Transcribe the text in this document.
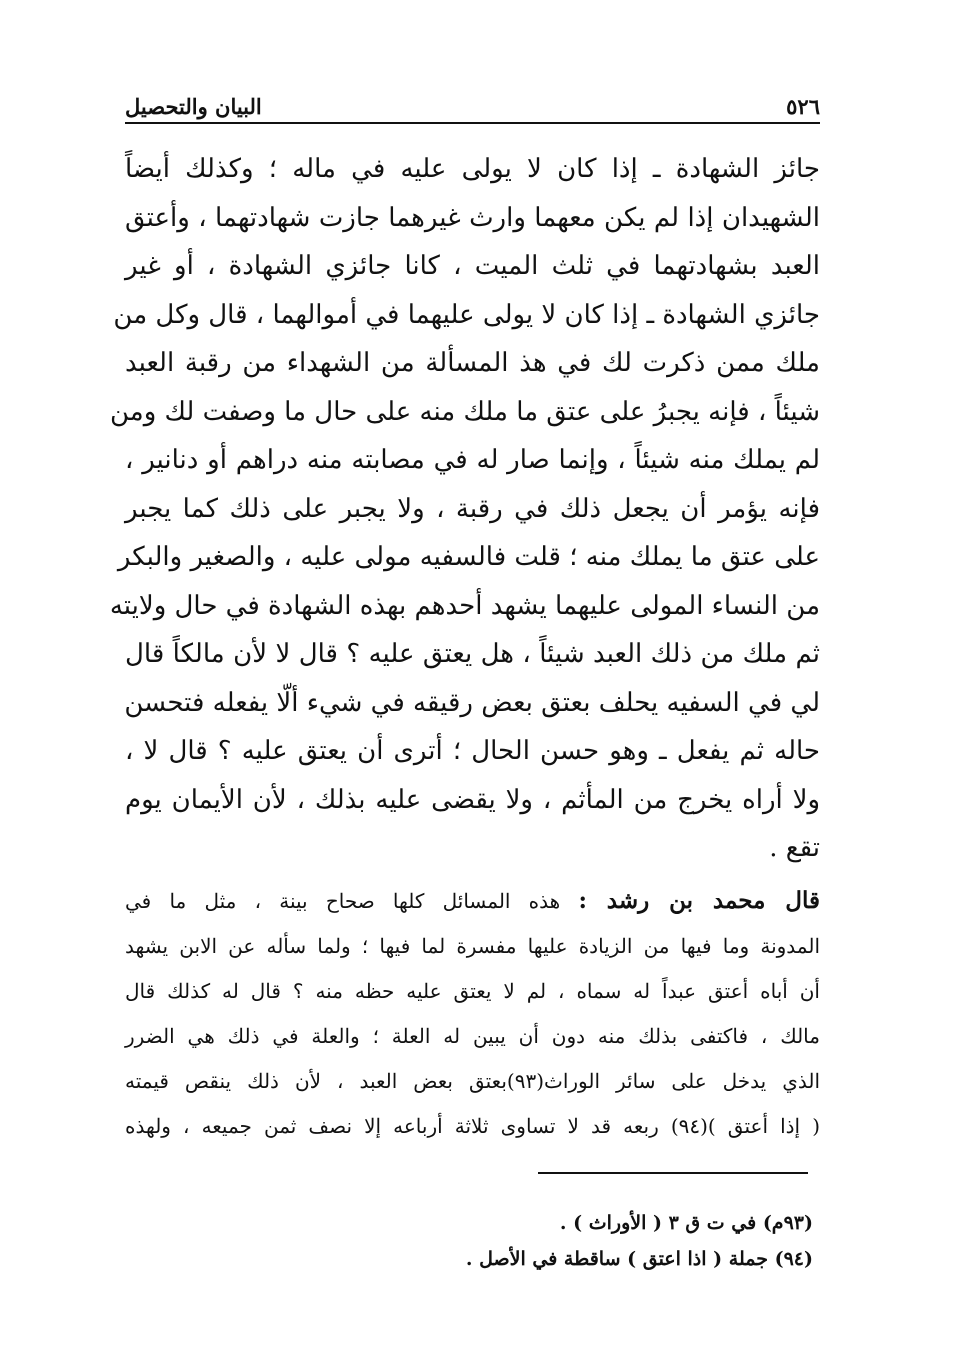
٥٢٦
البيان والتحصيل
جائز الشهادة ـ إذا كان لا يولى عليه في ماله ؛ وكذلك أيضاً
الشهيدان إذا لم يكن معهما وارث غيرهما جازت شهادتهما ، وأعتق
العبد بشهادتهما في ثلث الميت ، كانا جائزي الشهادة ، أو غير
جائزي الشهادة ـ إذا كان لا يولى عليهما في أموالهما ، قال وكل من
ملك ممن ذكرت لك في هذ المسألة من الشهداء من رقبة العبد
شيئاً ، فإنه يجبرُ على عتق ما ملك منه على حال ما وصفت لك ومن
لم يملك منه شيئاً ، وإنما صار له في مصابته منه دراهم أو دنانير ،
فإنه يؤمر أن يجعل ذلك في رقبة ، ولا يجبر على ذلك كما يجبر
على عتق ما يملك منه ؛ قلت فالسفيه مولى عليه ، والصغير والبكر
من النساء المولى عليهما يشهد أحدهم بهذه الشهادة في حال ولايته
ثم ملك من ذلك العبد شيئاً ، هل يعتق عليه ؟ قال لا لأن مالكاً قال
لي في السفيه يحلف بعتق بعض رقيقه في شيء ألّا يفعله فتحسن
حاله ثم يفعل ـ وهو حسن الحال ؛ أترى أن يعتق عليه ؟ قال لا ،
ولا أراه يخرج من المأثم ، ولا يقضى عليه بذلك ، لأن الأيمان يوم
تقع .
قال محمد بن رشد : هذه المسائل كلها صحاح بينة ، مثل ما في
المدونة وما فيها من الزيادة عليها مفسرة لما فيها ؛ ولما سأله عن الابن يشهد
أن أباه أعتق عبداً له سماه ، لم لا يعتق عليه حظه منه ؟ قال له كذلك قال
مالك ، فاكتفى بذلك منه دون أن يبين له العلة ؛ والعلة في ذلك هي الضرر
الذي يدخل على سائر الوراث(٩٣)بعتق بعض العبد ، لأن ذلك ينقص قيمته
( إذا أعتق )(٩٤) ربعه قد لا تساوى ثلاثة أرباعه إلا نصف ثمن جميعه ، ولهذه
(٩٣م) في ت ق ٣ ( الأوراث ) .
(٩٤) جملة ( اذا اعتق ) ساقطة في الأصل .
